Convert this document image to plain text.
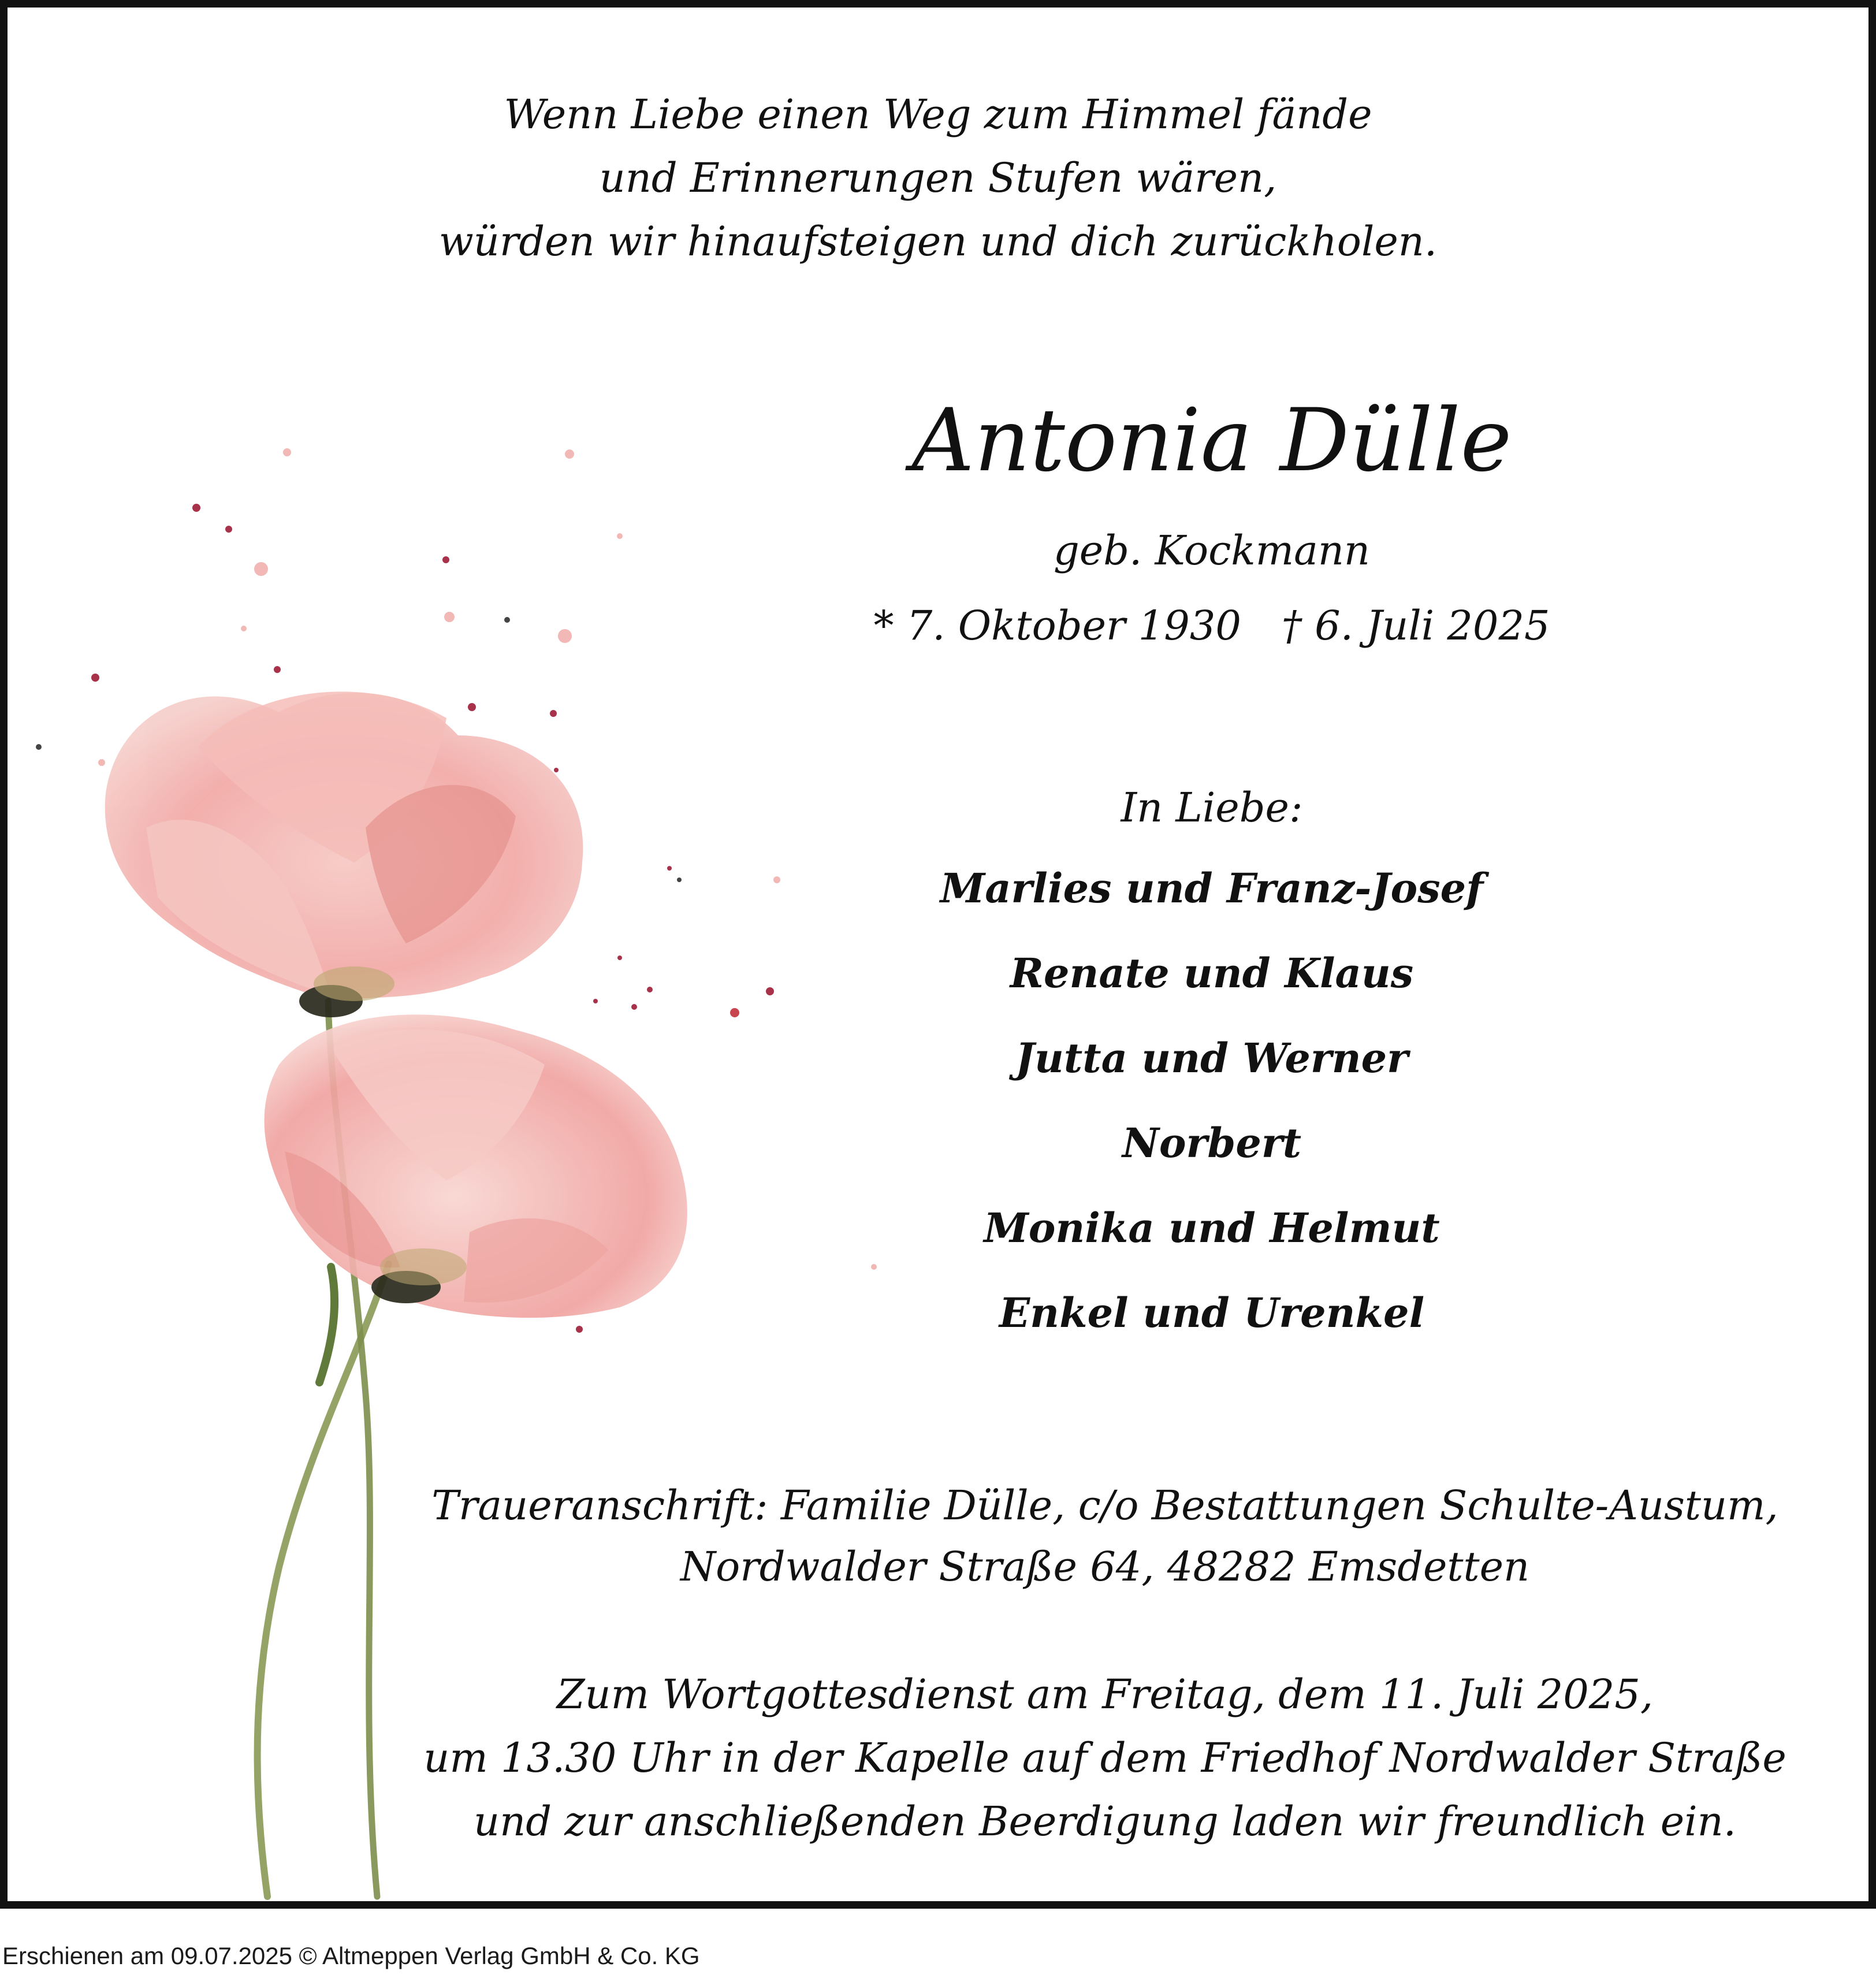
Wenn Liebe einen Weg zum Himmel fände
und Erinnerungen Stufen wären,
würden wir hinaufsteigen und dich zurückholen.
Antonia Dülle
geb. Kockmann
* 7. Oktober 1930 † 6. Juli 2025
In Liebe:
Marlies und Franz-Josef
Renate und Klaus
Jutta und Werner
Norbert
Monika und Helmut
Enkel und Urenkel
Traueranschrift: Familie Dülle, c/o Bestattungen Schulte-Austum,
Nordwalder Straße 64, 48282 Emsdetten
Zum Wortgottesdienst am Freitag, dem 11. Juli 2025,
um 13.30 Uhr in der Kapelle auf dem Friedhof Nordwalder Straße
und zur anschließenden Beerdigung laden wir freundlich ein.
Erschienen am 09.07.2025 © Altmeppen Verlag GmbH & Co. KG
